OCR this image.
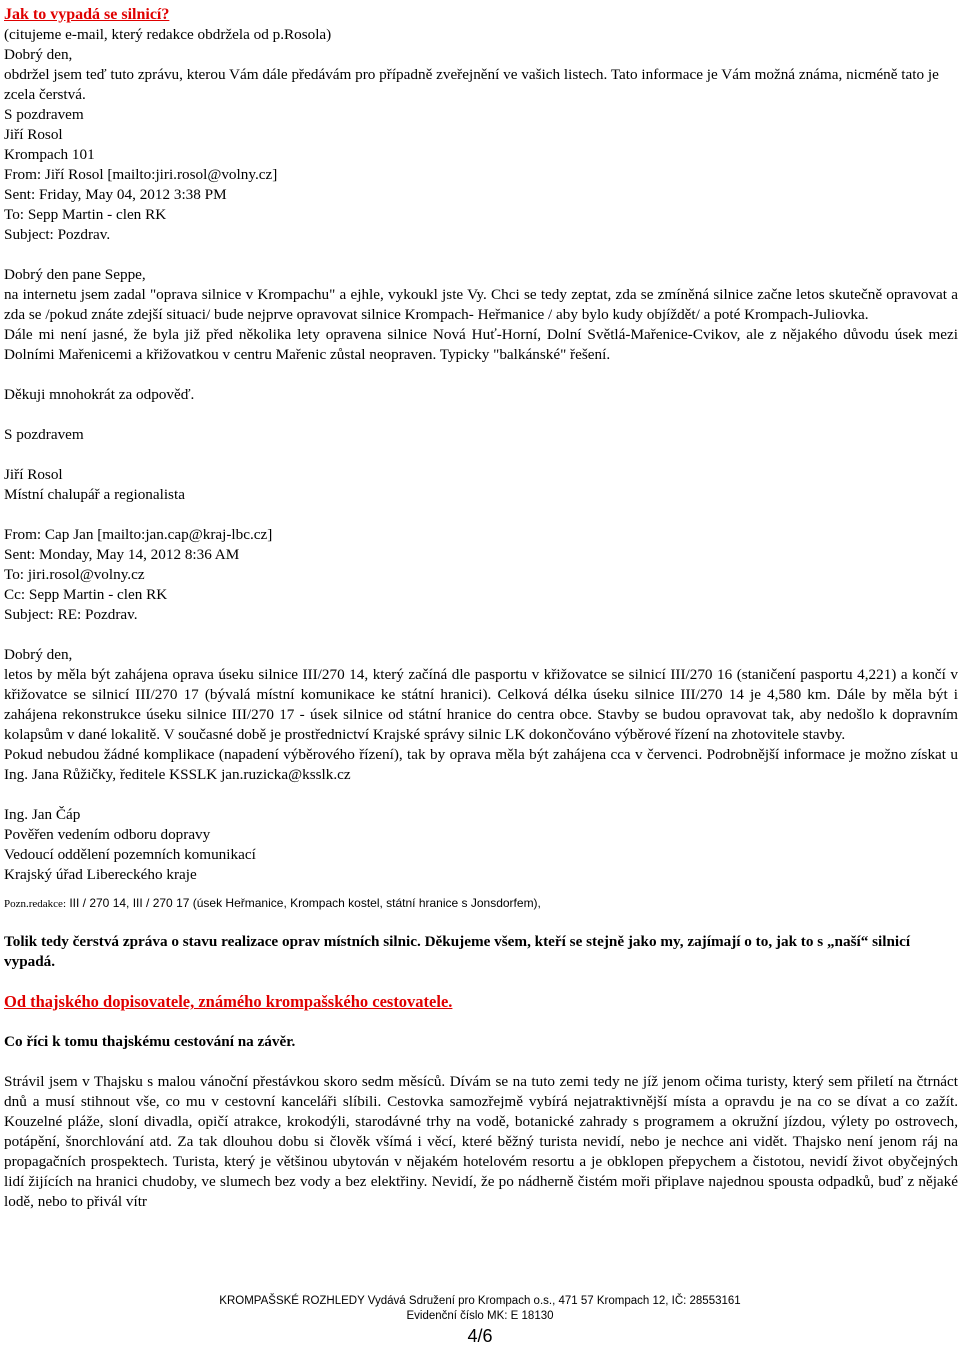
Jak to vypadá se silnicí?

(citujeme e-mail, který redakce obdržela od p.Rosola)

Dobrý den,

obdržel jsem teď tuto zprávu, kterou Vám dále předávám pro případně zveřejnění ve vašich listech. Tato informace je Vám možná známa, nicméně tato je zcela čerstvá.

S pozdravem

Jiří Rosol

Krompach 101

From: Jiří Rosol [mailto:jiri.rosol@volny.cz]

Sent: Friday, May 04, 2012 3:38 PM

To: Sepp Martin - clen RK

Subject: Pozdrav.

Dobrý den pane Seppe,

na internetu jsem zadal "oprava silnice v Krompachu" a ejhle, vykoukl jste Vy. Chci se tedy zeptat, zda se zmíněná silnice začne letos skutečně opravovat a zda se /pokud znáte zdejší situaci/ bude nejprve opravovat silnice Krompach- Heřmanice / aby bylo kudy objíždět/ a poté Krompach-Juliovka.

Dále mi není jasné, že byla již před několika lety opravena silnice Nová Huť-Horní, Dolní Světlá-Mařenice-Cvikov, ale z nějakého důvodu úsek mezi Dolními Mařenicemi a křižovatkou v centru Mařenic zůstal neopraven. Typicky "balkánské" řešení.

Děkuji mnohokrát za odpověď.

S pozdravem

Jiří Rosol

Místní chalupář a regionalista

From: Cap Jan [mailto:jan.cap@kraj-lbc.cz]

Sent: Monday, May 14, 2012 8:36 AM

To: jiri.rosol@volny.cz

Cc: Sepp Martin - clen RK

Subject: RE: Pozdrav.

Dobrý den,

letos by měla být zahájena oprava úseku silnice III/270 14, který začíná dle pasportu v křižovatce se silnicí III/270 16 (staničení pasportu 4,221) a končí v křižovatce se silnicí III/270 17 (bývalá místní komunikace ke státní hranici). Celková délka úseku silnice III/270 14 je 4,580 km. Dále by měla být i zahájena rekonstrukce úseku silnice III/270 17 - úsek silnice od státní hranice do centra obce. Stavby se budou opravovat tak, aby nedošlo k dopravním kolapsům v dané lokalitě. V současné době je prostřednictví Krajské správy silnic LK dokončováno výběrové řízení na zhotovitele stavby.

Pokud nebudou žádné komplikace (napadení výběrového řízení), tak by oprava měla být zahájena cca v červenci. Podrobnější informace je možno získat u Ing. Jana Růžičky, ředitele KSSLK jan.ruzicka@ksslk.cz

Ing. Jan Čáp

Pověřen vedením odboru dopravy

Vedoucí oddělení pozemních komunikací

Krajský úřad Libereckého kraje

Pozn.redakce: III / 270 14, III / 270 17 (úsek Heřmanice, Krompach kostel, státní hranice s Jonsdorfem),

Tolik tedy čerstvá zpráva o stavu realizace oprav místních silnic. Děkujeme všem, kteří se stejně jako my, zajímají o to, jak to s „naší“ silnicí vypadá.

Od thajského dopisovatele, známého krompašského cestovatele.

Co říci k tomu thajskému cestování na závěr.

Strávil jsem v Thajsku s malou vánoční přestávkou skoro sedm měsíců. Dívám se na tuto zemi tedy ne jíž jenom očima turisty, který sem přiletí na čtrnáct dnů a musí stihnout vše, co mu v cestovní kanceláři slíbili. Cestovka samozřejmě vybírá nejatraktivnější místa a opravdu je na co se dívat a co zažít. Kouzelné pláže, sloní divadla, opičí atrakce, krokodýli, starodávné trhy na vodě, botanické zahrady s programem a okružní jízdou, výlety po ostrovech, potápění, šnorchlování atd. Za tak dlouhou dobu si člověk všímá i věcí, které běžný turista nevidí, nebo je nechce ani vidět. Thajsko není jenom ráj na propagačních prospektech. Turista, který je většinou ubytován v nějakém hotelovém resortu a je obklopen přepychem a čistotou, nevidí život obyčejných lidí žijících na hranici chudoby, ve slumech bez vody a bez elektřiny. Nevidí, že po nádherně čistém moři připlave najednou spousta odpadků, buď z nějaké lodě, nebo to přivál vítr

KROMPAŠSKÉ ROZHLEDY Vydává Sdružení pro Krompach o.s., 471 57 Krompach 12, IČ: 28553161

Evidenční číslo MK: E 18130

4/6
